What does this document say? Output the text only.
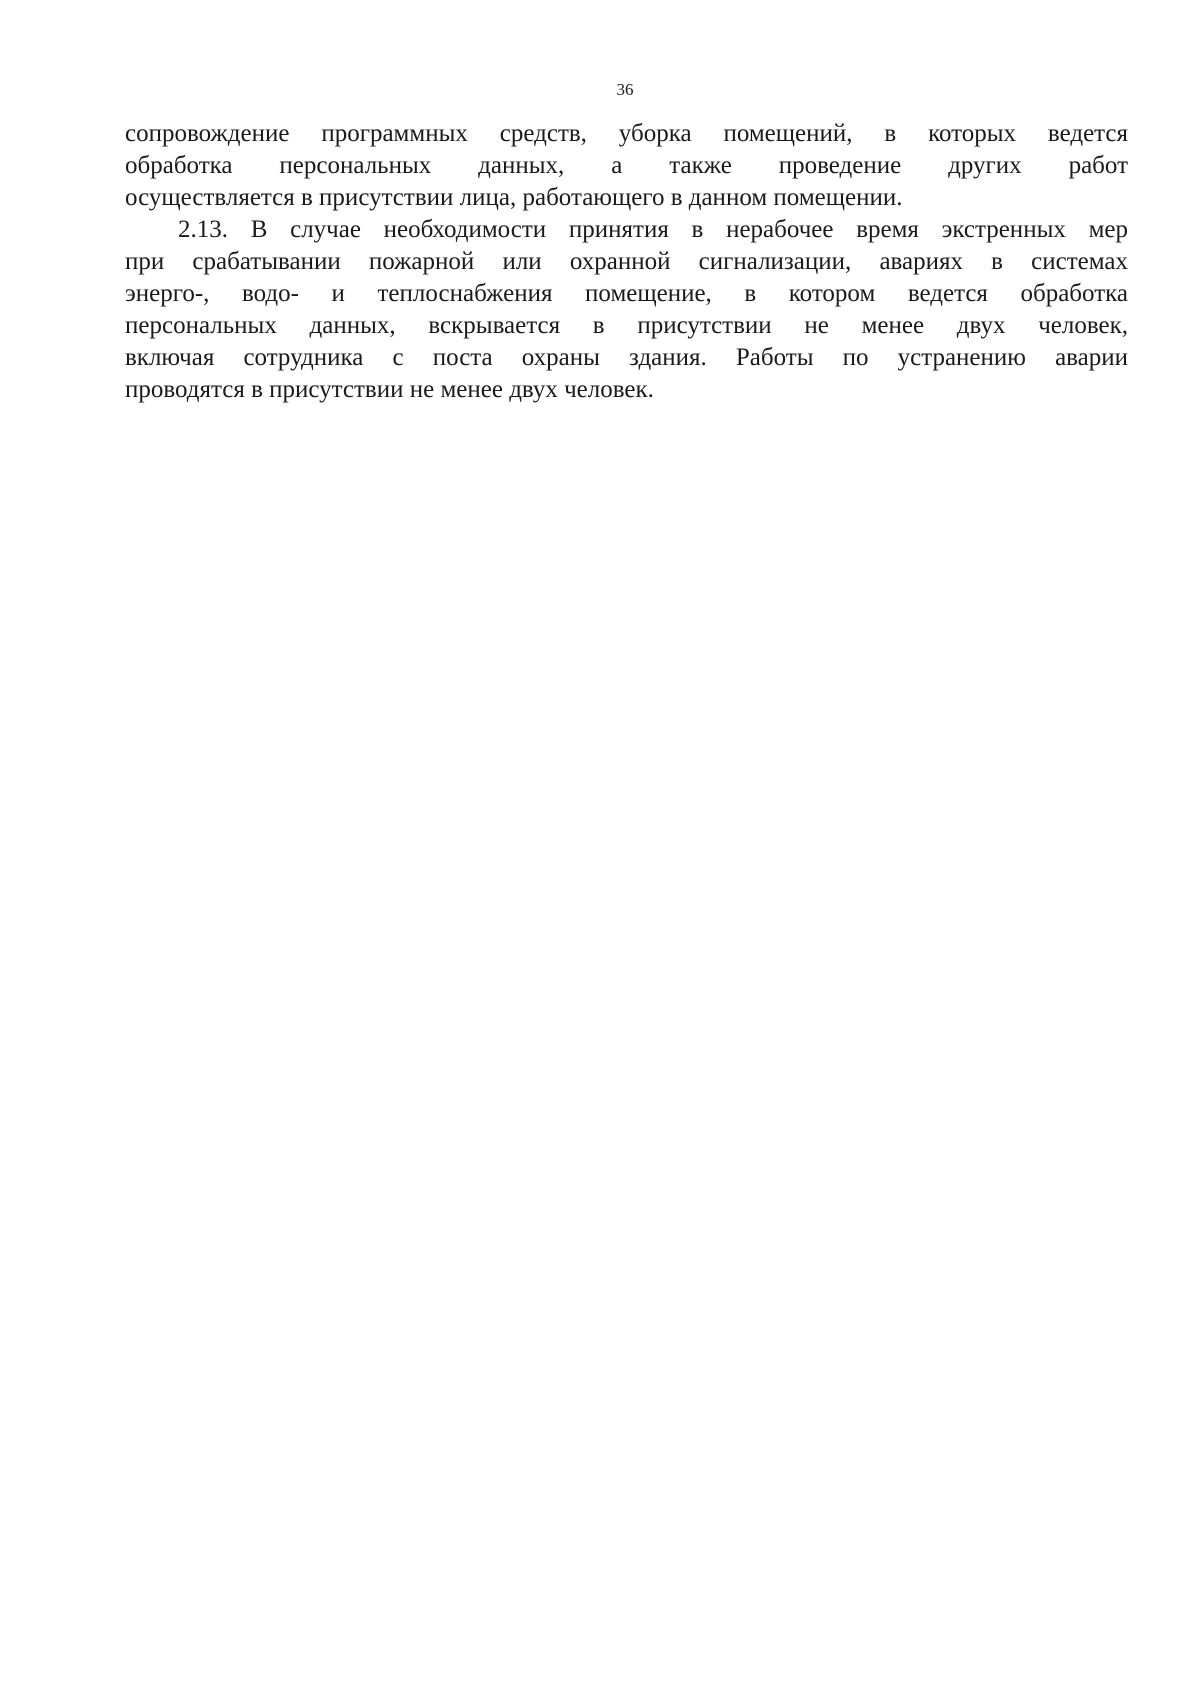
36

сопровождение программных средств, уборка помещений, в которых ведется
обработка персональных данных, а также проведение других работ
осуществляется в присутствии лица, работающего в данном помещении.

2.13. В случае необходимости принятия в нерабочее время экстренных мер
при срабатывании пожарной или охранной сигнализации, авариях в системах
энерго-, водо- и теплоснабжения помещение, в котором ведется обработка
персональных данных, вскрывается в присутствии не менее двух человек,
включая сотрудника с поста охраны здания. Работы по устранению аварии
проводятся в присутствии не менее двух человек.
